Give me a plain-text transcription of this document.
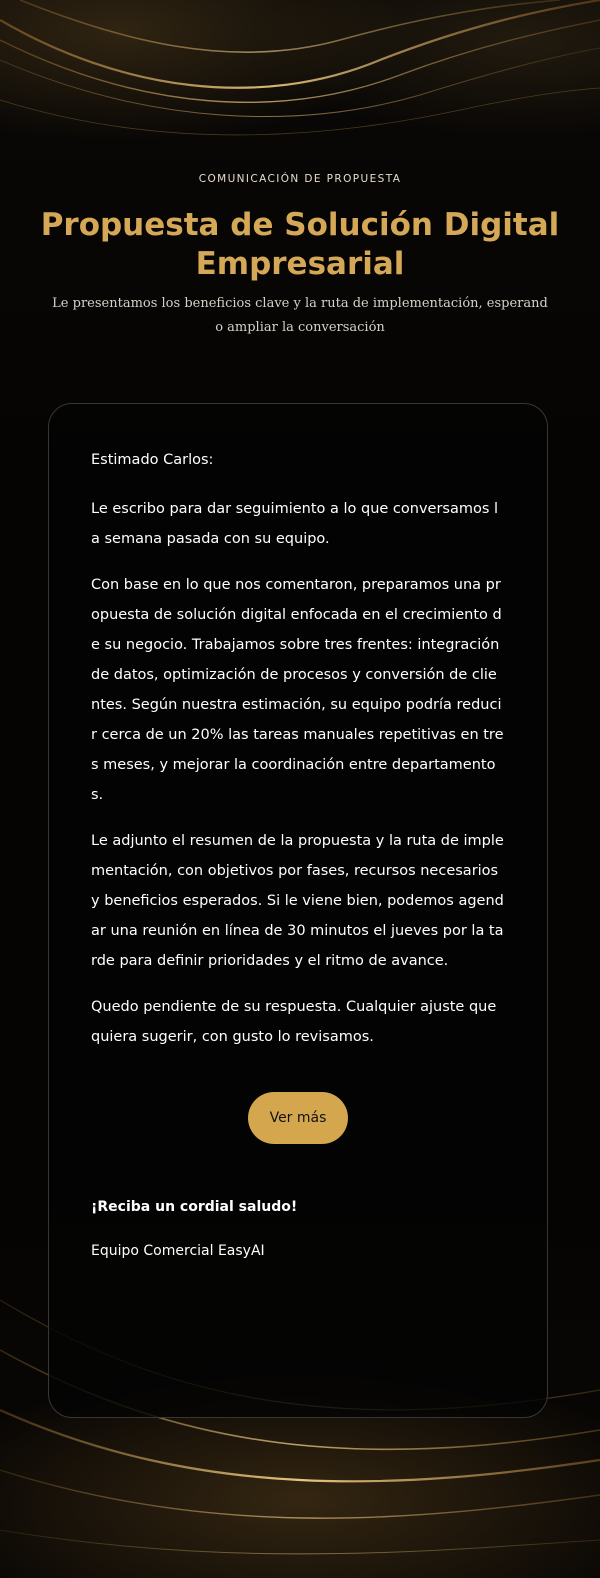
COMUNICACIÓN DE PROPUESTA

Propuesta de Solución Digital Empresarial

Le presentamos los beneficios clave y la ruta de implementación, esperando ampliar la conversación

Estimado Carlos:

Le escribo para dar seguimiento a lo que conversamos la semana pasada con su equipo.

Con base en lo que nos comentaron, preparamos una propuesta de solución digital enfocada en el crecimiento de su negocio. Trabajamos sobre tres frentes: integración de datos, optimización de procesos y conversión de clientes. Según nuestra estimación, su equipo podría reducir cerca de un 20% las tareas manuales repetitivas en tres meses, y mejorar la coordinación entre departamentos.

Le adjunto el resumen de la propuesta y la ruta de implementación, con objetivos por fases, recursos necesarios y beneficios esperados. Si le viene bien, podemos agendar una reunión en línea de 30 minutos el jueves por la tarde para definir prioridades y el ritmo de avance.

Quedo pendiente de su respuesta. Cualquier ajuste que quiera sugerir, con gusto lo revisamos.

Ver más

¡Reciba un cordial saludo!

Equipo Comercial EasyAI
